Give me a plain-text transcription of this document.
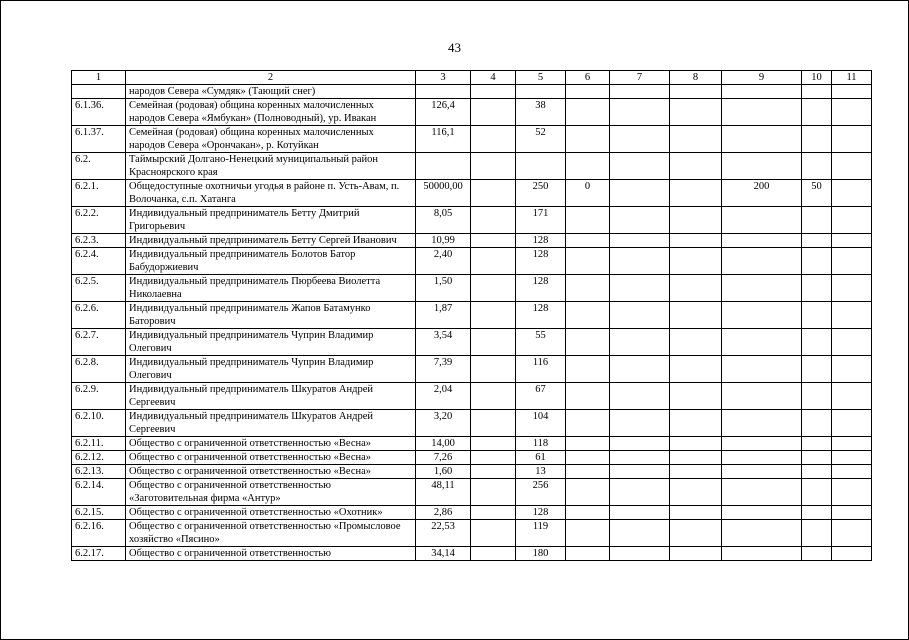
43
1	2	3	4	5	6	7	8	9	10	11
	народов Севера «Сумдяк» (Тающий снег)									
6.1.36.	Семейная (родовая) община коренных малочисленных народов Севера «Ямбукан» (Полноводный), ур. Ивакан	126,4		38						
6.1.37.	Семейная (родовая) община коренных малочисленных народов Севера «Орончакан», р. Котуйкан	116,1		52						
6.2.	Таймырский Долгано-Ненецкий муниципальный район Красноярского края									
6.2.1.	Общедоступные охотничьи угодья в районе п. Усть-Авам, п. Волочанка, с.п. Хатанга	50000,00		250	0			200	50	
6.2.2.	Индивидуальный предприниматель Бетту Дмитрий Григорьевич	8,05		171						
6.2.3.	Индивидуальный предприниматель Бетту Сергей Иванович	10,99		128						
6.2.4.	Индивидуальный предприниматель Болотов Батор Бабудоржиевич	2,40		128						
6.2.5.	Индивидуальный предприниматель Пюрбеева Виолетта Николаевна	1,50		128						
6.2.6.	Индивидуальный предприниматель Жапов Батамунко Баторович	1,87		128						
6.2.7.	Индивидуальный предприниматель Чуприн Владимир Олегович	3,54		55						
6.2.8.	Индивидуальный предприниматель Чуприн Владимир Олегович	7,39		116						
6.2.9.	Индивидуальный предприниматель Шкуратов Андрей Сергеевич	2,04		67						
6.2.10.	Индивидуальный предприниматель Шкуратов Андрей Сергеевич	3,20		104						
6.2.11.	Общество с ограниченной ответственностью «Весна»	14,00		118						
6.2.12.	Общество с ограниченной ответственностью «Весна»	7,26		61						
6.2.13.	Общество с ограниченной ответственностью «Весна»	1,60		13						
6.2.14.	Общество с ограниченной ответственностью «Заготовительная фирма «Антур»	48,11		256						
6.2.15.	Общество с ограниченной ответственностью «Охотник»	2,86		128						
6.2.16.	Общество с ограниченной ответственностью «Промысловое хозяйство «Пясино»	22,53		119						
6.2.17.	Общество с ограниченной ответственностью	34,14		180						
